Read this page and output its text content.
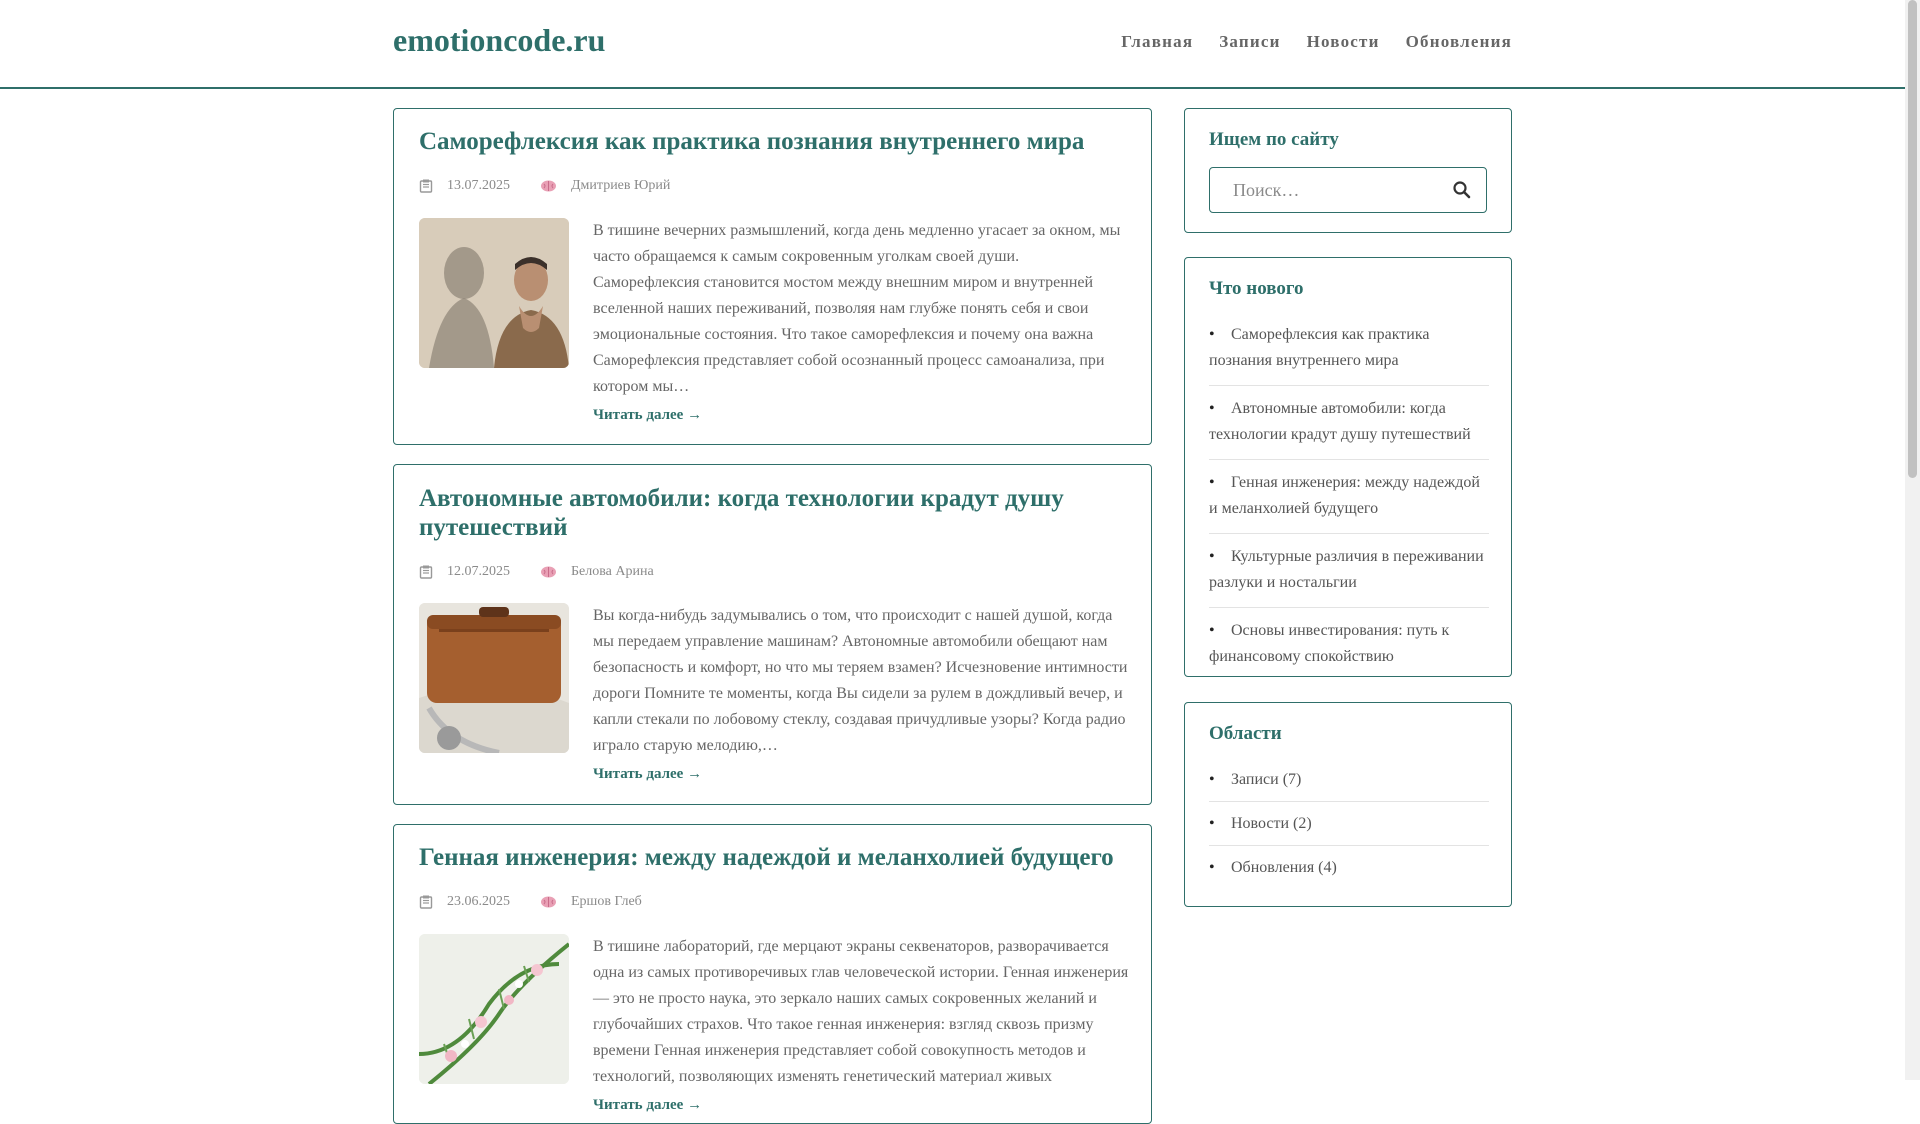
emotioncode.ru	Главная Записи Новости Обновления
Саморефлексия как практика познания внутреннего мира
13.07.2025	Дмитриев Юрий
В тишине вечерних размышлений, когда день медленно угасает за окном, мы часто обращаемся к самым сокровенным уголкам своей души. Саморефлексия становится мостом между внешним миром и внутренней вселенной наших переживаний, позволяя нам глубже понять себя и свои эмоциональные состояния. Что такое саморефлексия и почему она важна Саморефлексия представляет собой осознанный процесс самоанализа, при котором мы…
Читать далее →
Автономные автомобили: когда технологии крадут душу путешествий
12.07.2025	Белова Арина
Вы когда-нибудь задумывались о том, что происходит с нашей душой, когда мы передаем управление машинам? Автономные автомобили обещают нам безопасность и комфорт, но что мы теряем взамен? Исчезновение интимности дороги Помните те моменты, когда Вы сидели за рулем в дождливый вечер, и капли стекали по лобовому стеклу, создавая причудливые узоры? Когда радио играло старую мелодию,…
Читать далее →
Генная инженерия: между надеждой и меланхолией будущего
23.06.2025	Ершов Глеб
В тишине лабораторий, где мерцают экраны секвенаторов, разворачивается одна из самых противоречивых глав человеческой истории. Генная инженерия — это не просто наука, это зеркало наших самых сокровенных желаний и глубочайших страхов. Что такое генная инженерия: взгляд сквозь призму времени Генная инженерия представляет собой совокупность методов и технологий, позволяющих изменять генетический материал живых
Читать далее →
Ищем по сайту
Поиск…
Что нового
•	Саморефлексия как практика познания внутреннего мира
•	Автономные автомобили: когда технологии крадут душу путешествий
•	Генная инженерия: между надеждой и меланхолией будущего
•	Культурные различия в переживании разлуки и ностальгии
•	Основы инвестирования: путь к финансовому спокойствию
Области
•	Записи (7)
•	Новости (2)
•	Обновления (4)
